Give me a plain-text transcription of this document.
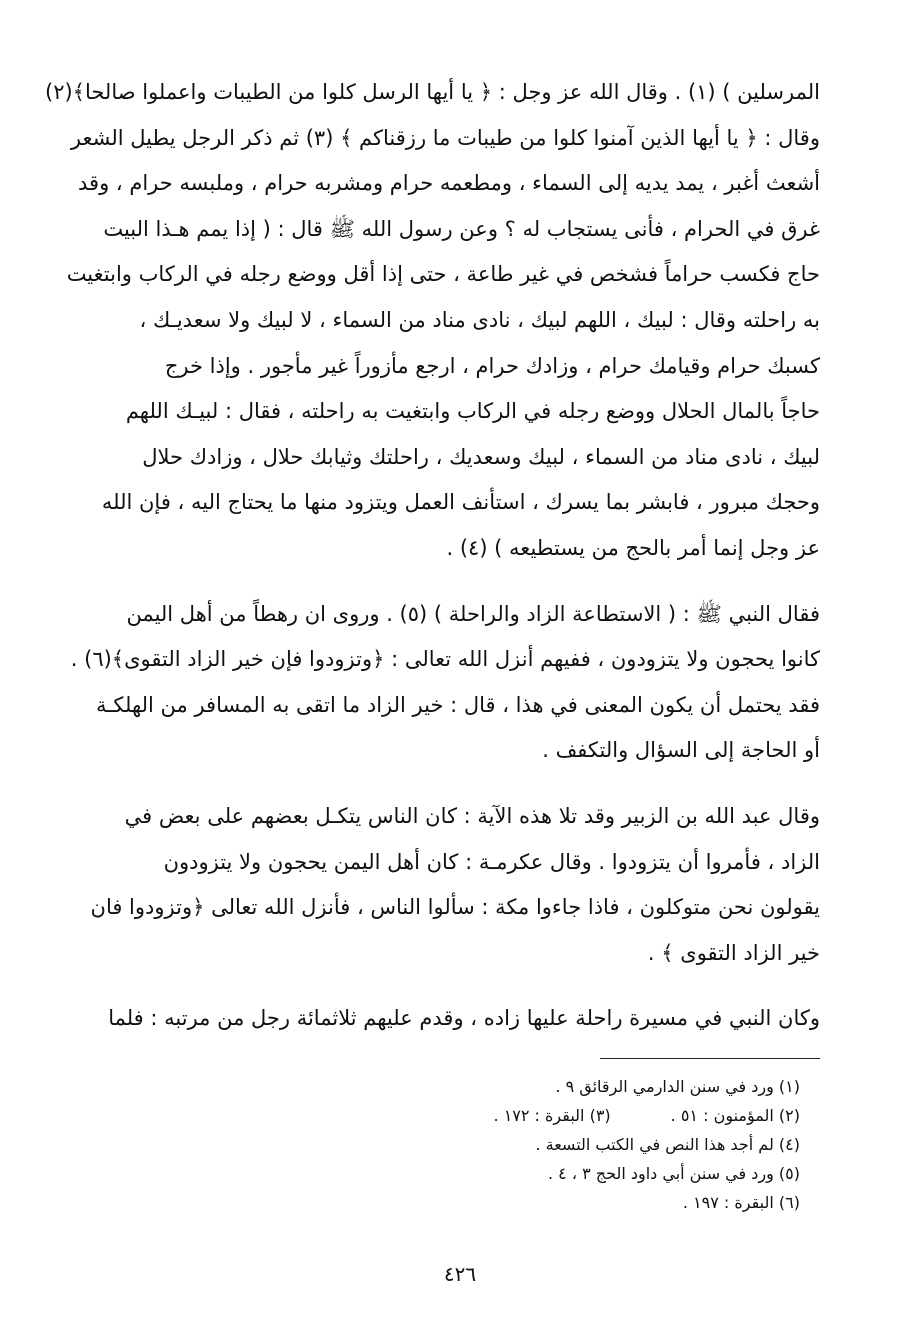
المرسلين ) (١) . وقال الله عز وجل : ﴿ يا أيها الرسل كلوا من الطيبات واعملوا صالحا﴾(٢)

وقال : ﴿ يا أيها الذين آمنوا كلوا من طيبات ما رزقناكم ﴾ (٣) ثم ذكر الرجل يطيل الشعر

أشعث أغبر ، يمد يديه إلى السماء ، ومطعمه حرام ومشربه حرام ، وملبسه حرام ، وقد

غرق في الحرام ، فأنى يستجاب له ؟ وعن رسول الله ﷺ قال : ( إذا يمم هـذا البيت

حاج فكسب حراماً فشخص في غير طاعة ، حتى إذا أقل ووضع رجله في الركاب وابتغيت

به راحلته وقال : لبيك ، اللهم لبيك ، نادى مناد من السماء ، لا لبيك ولا سعديـك ،

كسبك حرام وقيامك حرام ، وزادك حرام ، ارجع مأزوراً غير مأجور . وإذا خرج

حاجاً بالمال الحلال ووضع رجله في الركاب وابتغيت به راحلته ، فقال : لبيـك اللهم

لبيك ، نادى مناد من السماء ، لبيك وسعديك ، راحلتك وثيابك حلال ، وزادك حلال

وحجك مبرور ، فابشر بما يسرك ، استأنف العمل ويتزود منها ما يحتاج اليه ، فإن الله

عز وجل إنما أمر بالحج من يستطيعه ) (٤) .

فقال النبي ﷺ : ( الاستطاعة الزاد والراحلة ) (٥) . وروى ان رهطاً من أهل اليمن

كانوا يحجون ولا يتزودون ، ففيهم أنزل الله تعالى : ﴿وتزودوا فإن خير الزاد التقوى﴾(٦) .

فقد يحتمل أن يكون المعنى في هذا ، قال : خير الزاد ما اتقى به المسافر من الهلكـة

أو الحاجة إلى السؤال والتكفف .

وقال عبد الله بن الزبير وقد تلا هذه الآية : كان الناس يتكـل بعضهم على بعض في

الزاد ، فأمروا أن يتزودوا . وقال عكرمـة : كان أهل اليمن يحجون ولا يتزودون

يقولون نحن متوكلون ، فاذا جاءوا مكة : سألوا الناس ، فأنزل الله تعالى ﴿وتزودوا فان

خير الزاد التقوى ﴾ .

وكان النبي في مسيرة راحلة عليها زاده ، وقدم عليهم ثلاثمائة رجل من مرتبه : فلما

(١) ورد في سنن الدارمي الرقائق ٩ .
(٢) المؤمنون : ٥١ .(٣) البقرة : ١٧٢ .
(٤) لم أجد هذا النص في الكتب التسعة .
(٥) ورد في سنن أبي داود الحج ٣ ، ٤ .
(٦) البقرة : ١٩٧ .
٤٢٦
